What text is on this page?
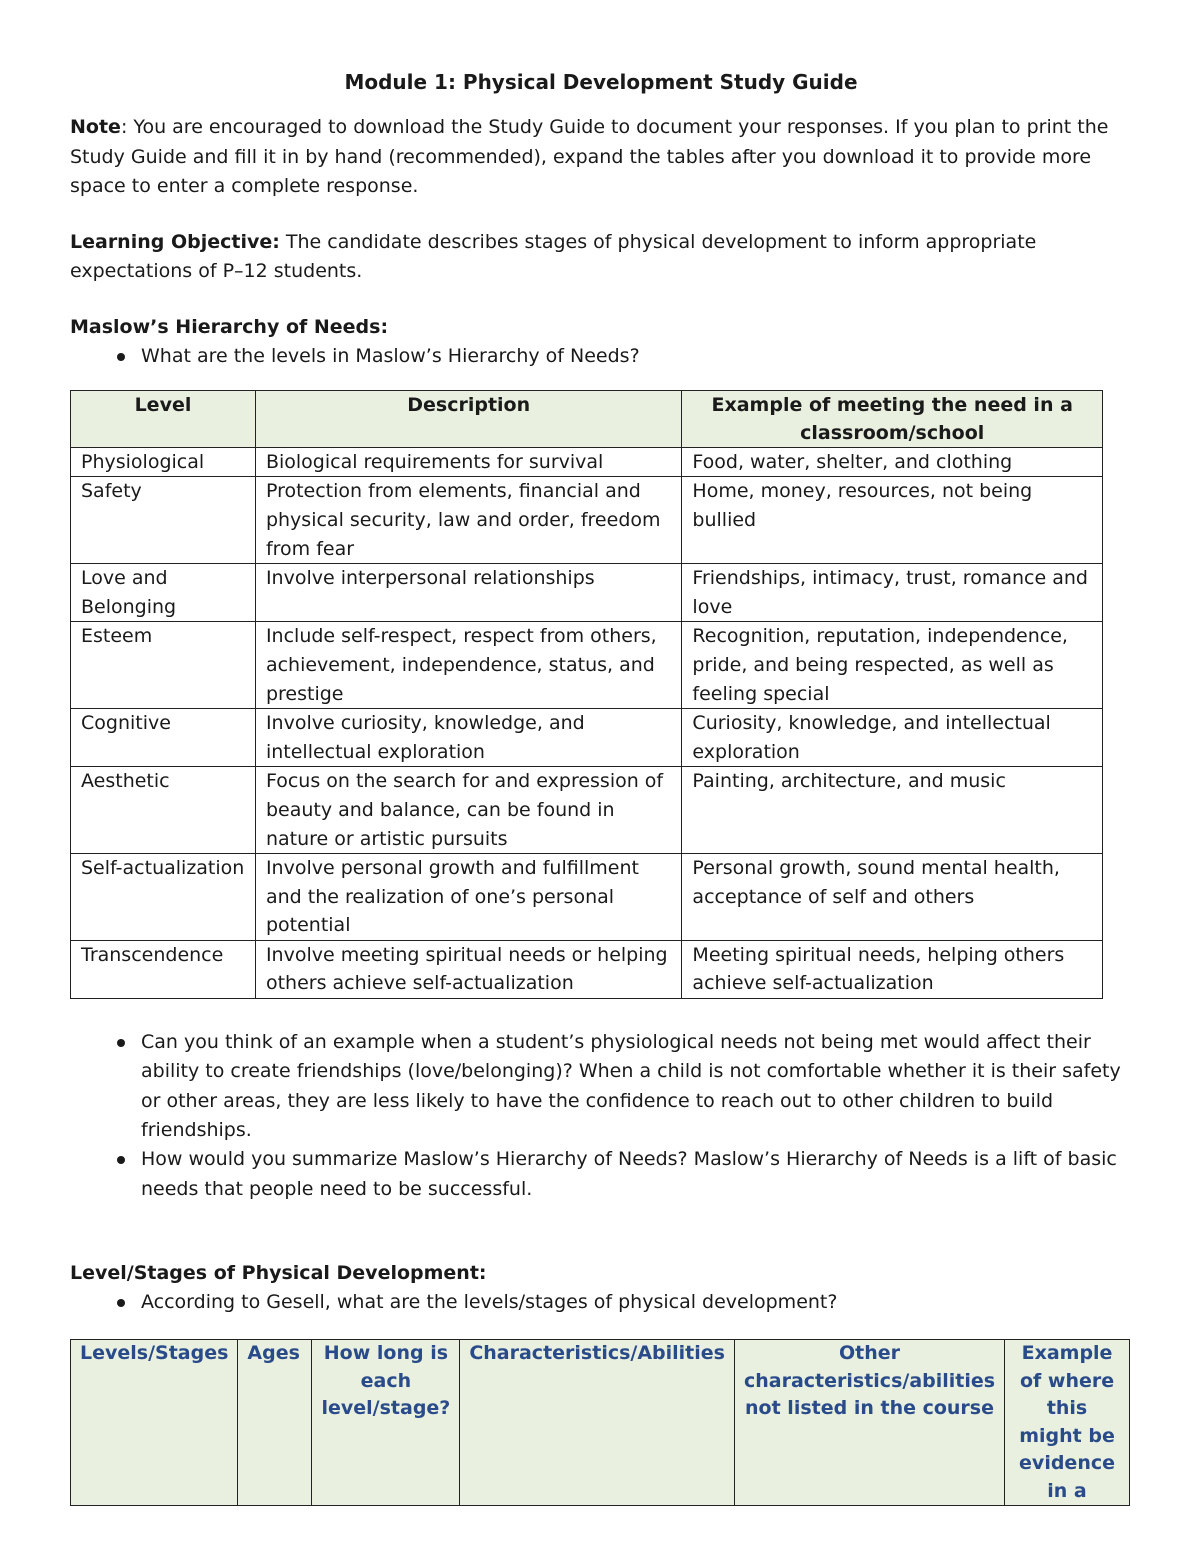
Module 1: Physical Development Study Guide

Note: You are encouraged to download the Study Guide to document your responses. If you plan to print the Study Guide and fill it in by hand (recommended), expand the tables after you download it to provide more space to enter a complete response.

Learning Objective: The candidate describes stages of physical development to inform appropriate expectations of P–12 students.

Maslow’s Hierarchy of Needs:

What are the levels in Maslow’s Hierarchy of Needs?
Level	Description	Example of meeting the need in a classroom/school
Physiological	Biological requirements for survival	Food, water, shelter, and clothing
Safety	Protection from elements, financial and physical security, law and order, freedom from fear	Home, money, resources, not being bullied
Love and Belonging	Involve interpersonal relationships	Friendships, intimacy, trust, romance and love
Esteem	Include self-respect, respect from others, achievement, independence, status, and prestige	Recognition, reputation, independence, pride, and being respected, as well as feeling special
Cognitive	Involve curiosity, knowledge, and intellectual exploration	Curiosity, knowledge, and intellectual exploration
Aesthetic	Focus on the search for and expression of beauty and balance, can be found in nature or artistic pursuits	Painting, architecture, and music
Self-actualization	Involve personal growth and fulfillment and the realization of one’s personal potential	Personal growth, sound mental health, acceptance of self and others
Transcendence	Involve meeting spiritual needs or helping others achieve self-actualization	Meeting spiritual needs, helping others achieve self-actualization
Can you think of an example when a student’s physiological needs not being met would affect their ability to create friendships (love/belonging)? When a child is not comfortable whether it is their safety or other areas, they are less likely to have the confidence to reach out to other children to build friendships.
How would you summarize Maslow’s Hierarchy of Needs? Maslow’s Hierarchy of Needs is a lift of basic needs that people need to be successful.

Level/Stages of Physical Development:

According to Gesell, what are the levels/stages of physical development?
Levels/Stages	Ages	How long is each level/stage?	Characteristics/Abilities	Other characteristics/abilities not listed in the course	Example of where this might be evidence in a
